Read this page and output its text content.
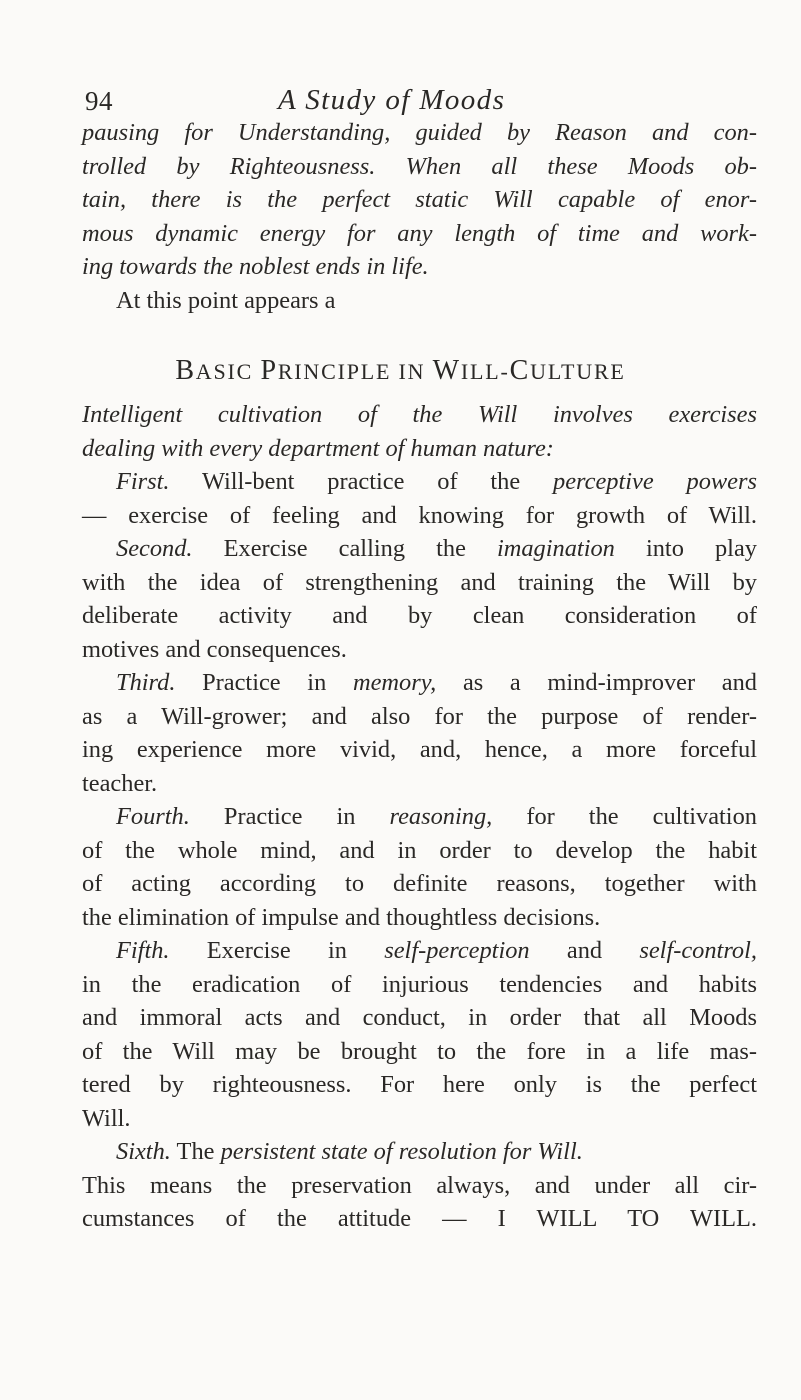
94	A Study of Moods
pausing for Understanding, guided by Reason and con-
trolled by Righteousness. When all these Moods ob-
tain, there is the perfect static Will capable of enor-
mous dynamic energy for any length of time and work-
ing towards the noblest ends in life.
At this point appears a
BASIC PRINCIPLE IN WILL-CULTURE
Intelligent cultivation of the Will involves exercises
dealing with every department of human nature:
First. Will-bent practice of the perceptive powers
— exercise of feeling and knowing for growth of Will.
Second. Exercise calling the imagination into play
with the idea of strengthening and training the Will by
deliberate activity and by clean consideration of
motives and consequences.
Third. Practice in memory, as a mind-improver and
as a Will-grower; and also for the purpose of render-
ing experience more vivid, and, hence, a more forceful
teacher.
Fourth. Practice in reasoning, for the cultivation
of the whole mind, and in order to develop the habit
of acting according to definite reasons, together with
the elimination of impulse and thoughtless decisions.
Fifth. Exercise in self-perception and self-control,
in the eradication of injurious tendencies and habits
and immoral acts and conduct, in order that all Moods
of the Will may be brought to the fore in a life mas-
tered by righteousness. For here only is the perfect
Will.
Sixth. The persistent state of resolution for Will.
This means the preservation always, and under all cir-
cumstances of the attitude — I WILL TO WILL.
